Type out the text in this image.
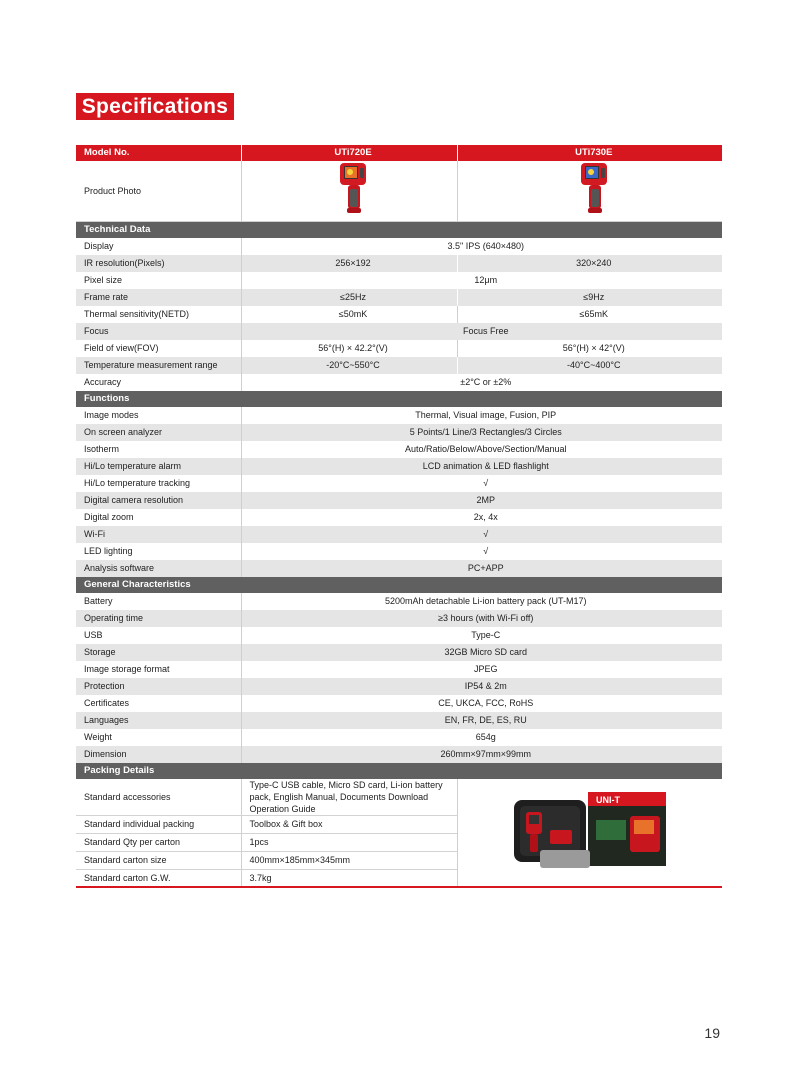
Specifications
Model No.	UTi720E	UTi730E
Product Photo		
Technical Data		
Display	3.5" IPS (640×480)	
IR resolution(Pixels)	256×192	320×240
Pixel size	12μm	
Frame rate	≤25Hz	≤9Hz
Thermal sensitivity(NETD)	≤50mK	≤65mK
Focus	Focus Free	
Field of view(FOV)	56°(H) × 42.2°(V)	56°(H) × 42°(V)
Temperature measurement range	-20°C~550°C	-40°C~400°C
Accuracy	±2°C or ±2%	
Functions		
Image modes	Thermal, Visual image, Fusion, PIP	
On screen analyzer	5 Points/1 Line/3 Rectangles/3 Circles	
Isotherm	Auto/Ratio/Below/Above/Section/Manual	
Hi/Lo temperature alarm	LCD animation & LED flashlight	
Hi/Lo temperature tracking	√	
Digital camera resolution	2MP	
Digital zoom	2x, 4x	
Wi-Fi	√	
LED lighting	√	
Analysis software	PC+APP	
General Characteristics		
Battery	5200mAh detachable Li-ion battery pack (UT-M17)	
Operating time	≥3 hours (with Wi-Fi off)	
USB	Type-C	
Storage	32GB Micro SD card	
Image storage format	JPEG	
Protection	IP54 & 2m	
Certificates	CE, UKCA, FCC, RoHS	
Languages	EN, FR, DE, ES, RU	
Weight	654g	
Dimension	260mm×97mm×99mm	
Packing Details		
Standard accessories	Type-C USB cable, Micro SD card, Li-ion battery pack, English Manual, Documents Download Operation Guide	UNI-T

Standard individual packing	Toolbox & Gift box	
Standard Qty per carton	1pcs	
Standard carton size	400mm×185mm×345mm	
Standard carton G.W.	3.7kg	
19
